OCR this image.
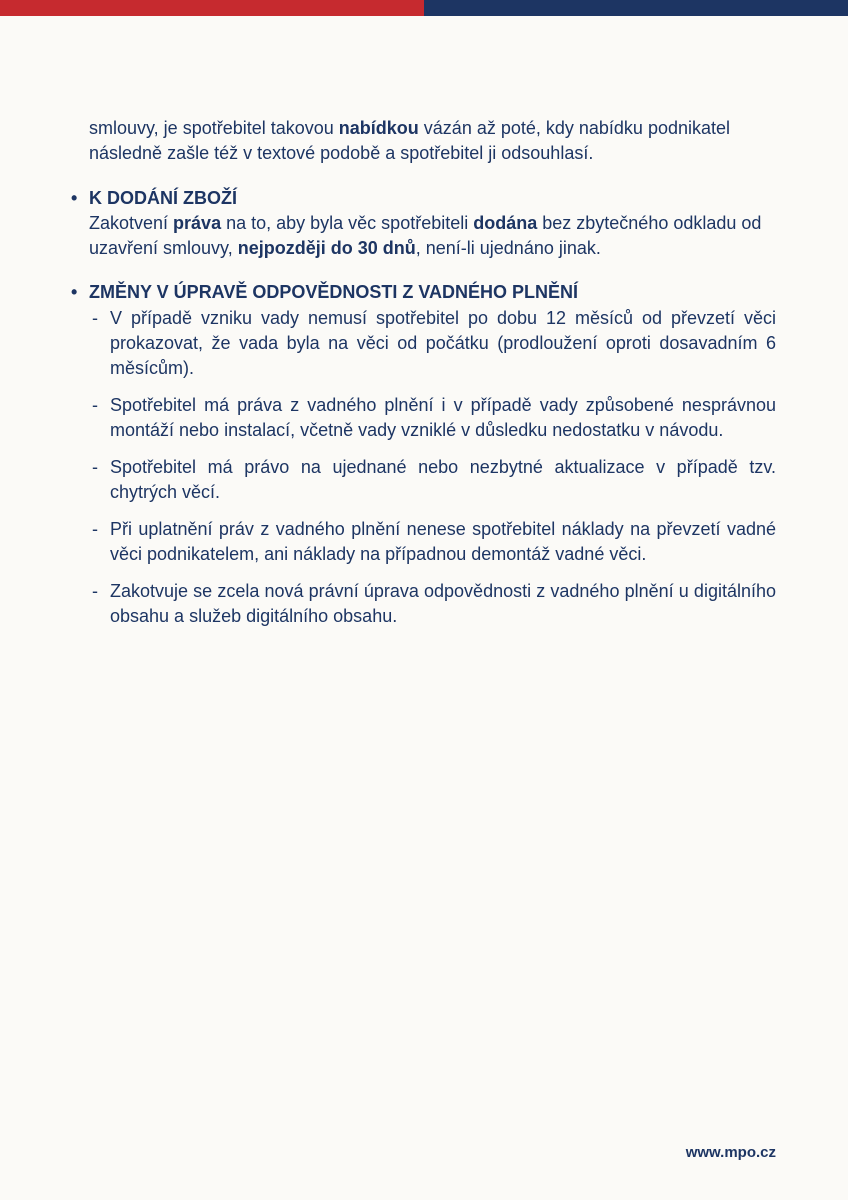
smlouvy, je spotřebitel takovou nabídkou vázán až poté, kdy nabídku podnikatel následně zašle též v textové podobě a spotřebitel ji odsouhlasí.

• K DODÁNÍ ZBOŽÍ

Zakotvení práva na to, aby byla věc spotřebiteli dodána bez zbytečného odkladu od uzavření smlouvy, nejpozději do 30 dnů, není-li ujednáno jinak.

• ZMĚNY V ÚPRAVĚ ODPOVĚDNOSTI Z VADNÉHO PLNĚNÍ
- V případě vzniku vady nemusí spotřebitel po dobu 12 měsíců od převzetí věci prokazovat, že vada byla na věci od počátku (prodloužení oproti dosavadním 6 měsícům).
- Spotřebitel má práva z vadného plnění i v případě vady způsobené nesprávnou montáží nebo instalací, včetně vady vzniklé v důsledku nedostatku v návodu.
- Spotřebitel má právo na ujednané nebo nezbytné aktualizace v případě tzv. chytrých věcí.
- Při uplatnění práv z vadného plnění nenese spotřebitel náklady na převzetí vadné věci podnikatelem, ani náklady na případnou demontáž vadné věci.
- Zakotvuje se zcela nová právní úprava odpovědnosti z vadného plnění u digitálního obsahu a služeb digitálního obsahu.
www.mpo.cz
